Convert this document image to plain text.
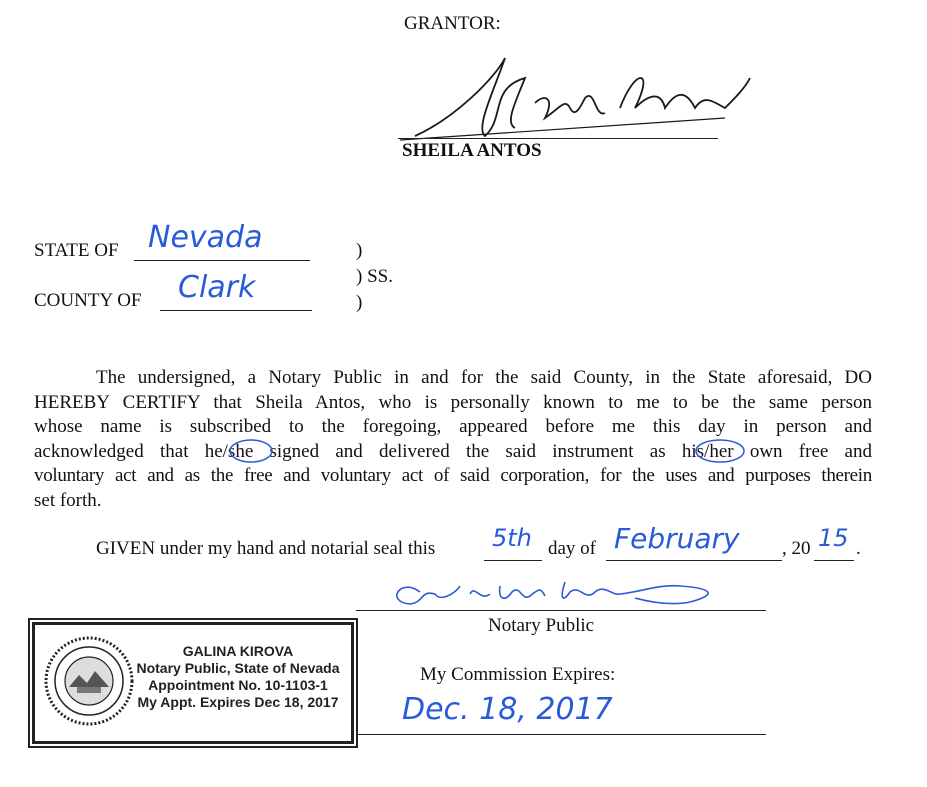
GRANTOR:
SHEILA ANTOS
STATE OF Nevada	)
) SS.
COUNTY OF Clark	)
The undersigned, a Notary Public in and for the said County, in the State aforesaid, DO
HEREBY CERTIFY that Sheila Antos, who is personally known to me to be the same person
whose name is subscribed to the foregoing, appeared before me this day in person and
acknowledged that he/she signed and delivered the said instrument as his/her own free and
voluntary act and as the free and voluntary act of said corporation, for the uses and purposes therein
set forth.
GIVEN under my hand and notarial seal this 5th day of February , 20 15 .
Notary Public
My Commission Expires:
Dec. 18, 2017
GALINA KIROVA
Notary Public, State of Nevada
Appointment No. 10-1103-1
My Appt. Expires Dec 18, 2017
